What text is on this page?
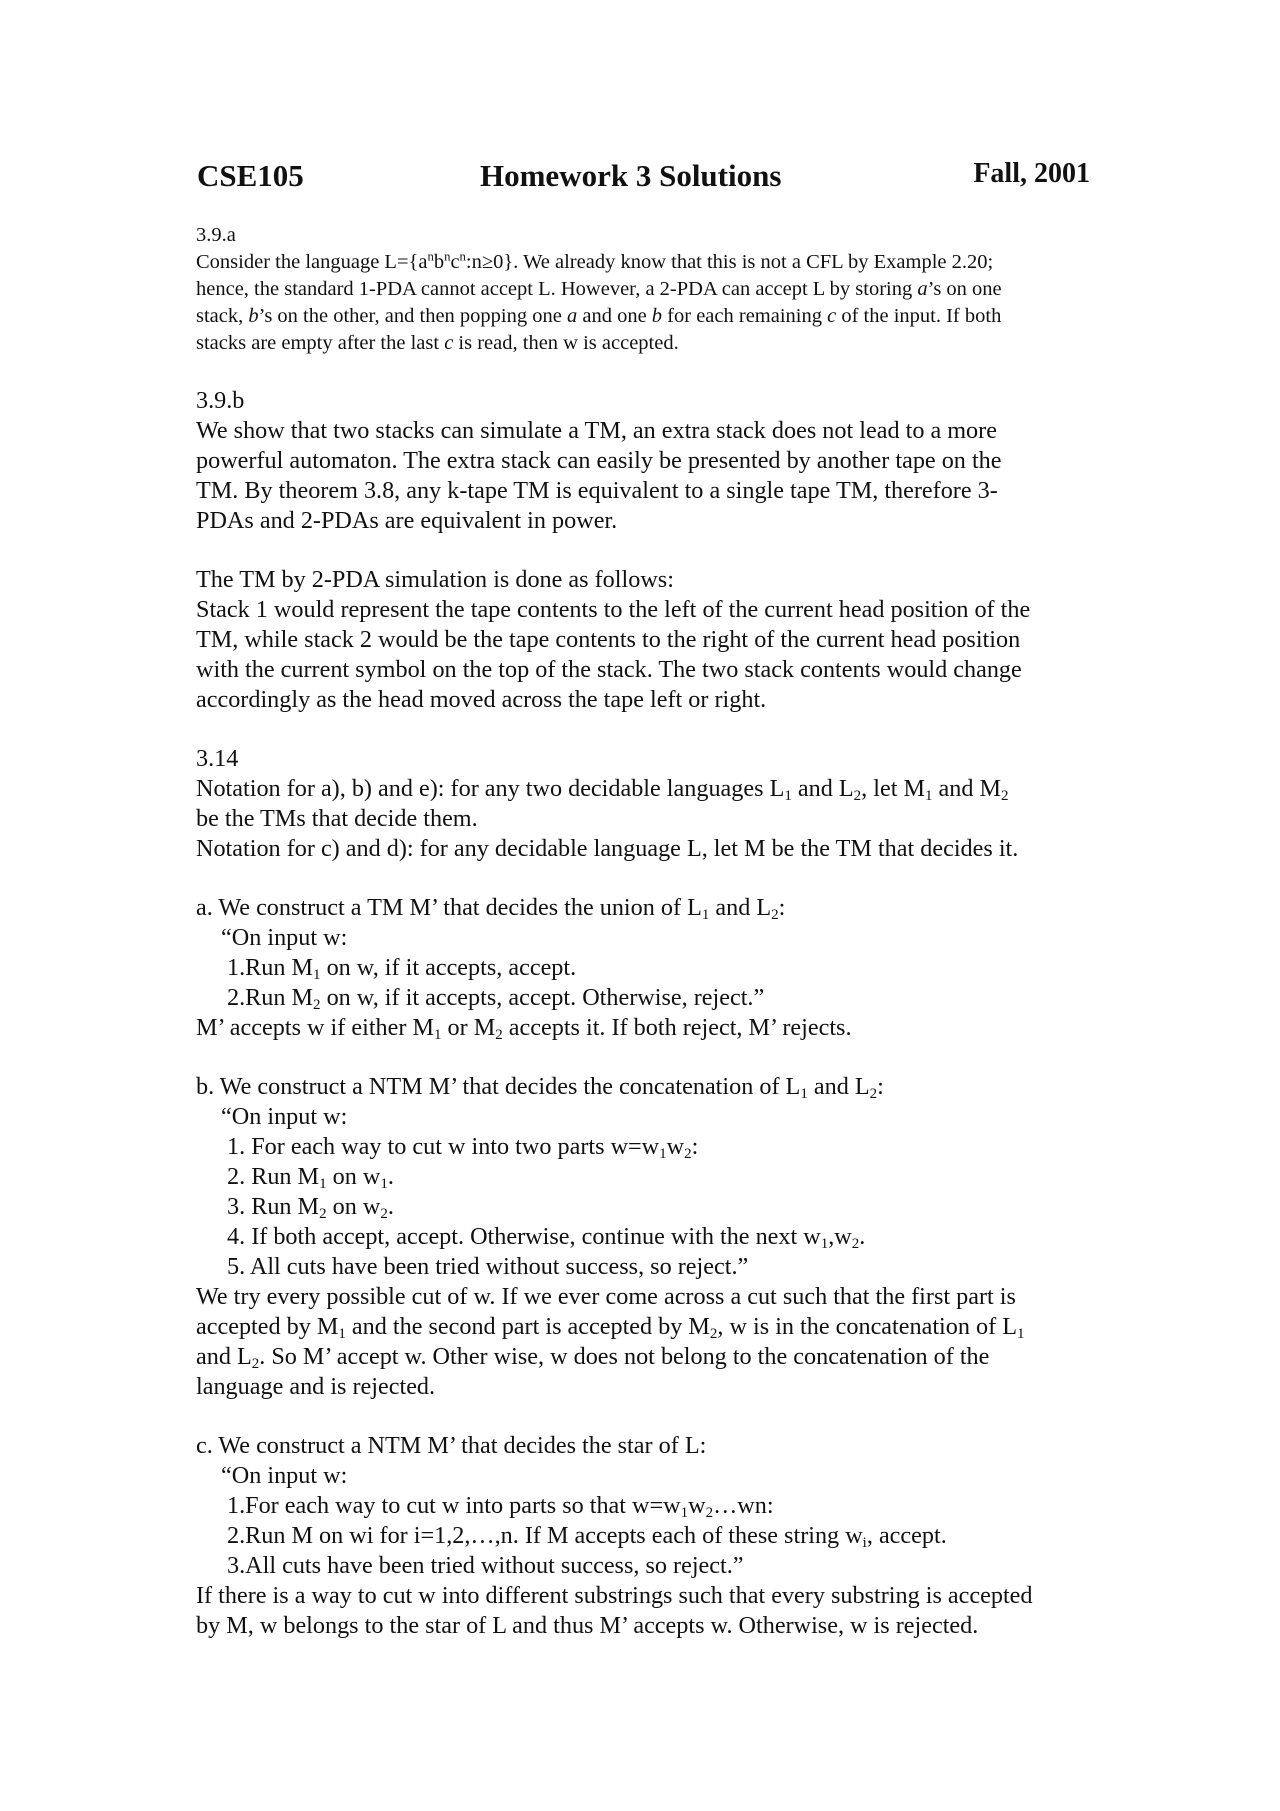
CSE105	Homework 3 Solutions	Fall, 2001

3.9.a

Consider the language $L=\{a^nb^nc^n:n\ge 0\}$. We already know that this is not a CFL by Example 2.20;

hence, the standard 1-PDA cannot accept L. However, a 2-PDA can accept L by storing a’s on one

stack, b’s on the other, and then popping one a and one b for each remaining c of the input. If both

stacks are empty after the last c is read, then w is accepted.

3.9.b

We show that two stacks can simulate a TM, an extra stack does not lead to a more

powerful automaton. The extra stack can easily be presented by another tape on the

TM. By theorem 3.8, any k-tape TM is equivalent to a single tape TM, therefore 3-

PDAs and 2-PDAs are equivalent in power.

The TM by 2-PDA simulation is done as follows:

Stack 1 would represent the tape contents to the left of the current head position of the

TM, while stack 2 would be the tape contents to the right of the current head position

with the current symbol on the top of the stack. The two stack contents would change

accordingly as the head moved across the tape left or right.

3.14

Notation for a), b) and e): for any two decidable languages $L_1$ and $L_2$, let $M_1$ and $M_2$

be the TMs that decide them.

Notation for c) and d): for any decidable language L, let M be the TM that decides it.

a. We construct a TM M’ that decides the union of $L_1$ and $L_2$:

“On input w:

1.Run $M_1$ on w, if it accepts, accept.

2.Run $M_2$ on w, if it accepts, accept. Otherwise, reject.”

M’ accepts w if either $M_1$ or $M_2$ accepts it. If both reject, M’ rejects.

b. We construct a NTM M’ that decides the concatenation of $L_1$ and $L_2$:

“On input w:

1. For each way to cut w into two parts $w=w_1w_2$:

2. Run $M_1$ on $w_1$.

3. Run $M_2$ on $w_2$.

4. If both accept, accept. Otherwise, continue with the next $w_1,w_2$.

5. All cuts have been tried without success, so reject.”

We try every possible cut of w. If we ever come across a cut such that the first part is

accepted by $M_1$ and the second part is accepted by $M_2$, w is in the concatenation of $L_1$

and $L_2$. So M’ accept w. Other wise, w does not belong to the concatenation of the

language and is rejected.

c. We construct a NTM M’ that decides the star of L:

“On input w:

1.For each way to cut w into parts so that $w=w_1w_2\dots wn$:

2.Run M on wi for i=1,2,…,n. If M accepts each of these string $w_i$, accept.

3.All cuts have been tried without success, so reject.”

If there is a way to cut w into different substrings such that every substring is accepted

by M, w belongs to the star of L and thus M’ accepts w. Otherwise, w is rejected.
